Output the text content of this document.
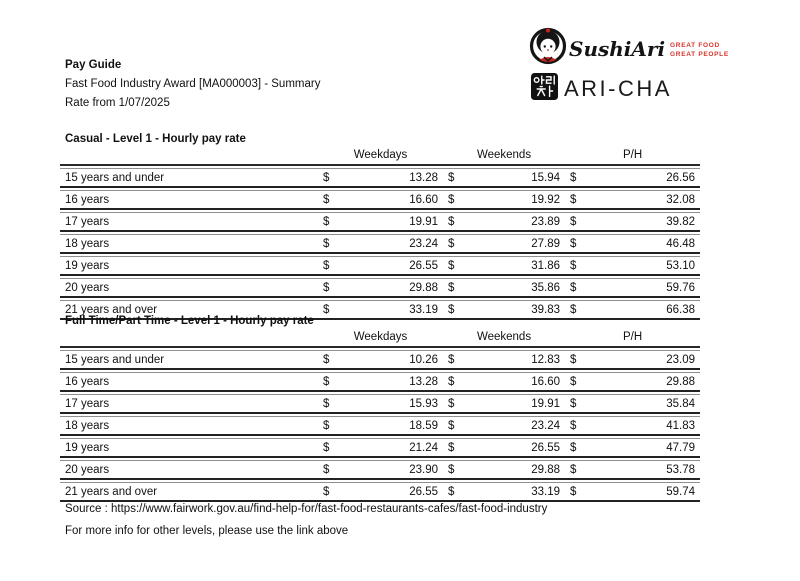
Pay Guide
Fast Food Industry Award [MA000003] - Summary
Rate from 1/07/2025
SushiAri GREAT FOOD
GREAT PEOPLE
ARI-CHA
Casual - Level 1 - Hourly pay rate
	Weekdays		Weekends		P/H	
15 years and under	$	13.28	$	15.94	$	26.56
16 years	$	16.60	$	19.92	$	32.08
17 years	$	19.91	$	23.89	$	39.82
18 years	$	23.24	$	27.89	$	46.48
19 years	$	26.55	$	31.86	$	53.10
20 years	$	29.88	$	35.86	$	59.76
21 years and over	$	33.19	$	39.83	$	66.38
Full Time/Part Time - Level 1 - Hourly pay rate
	Weekdays		Weekends		P/H	
15 years and under	$	10.26	$	12.83	$	23.09
16 years	$	13.28	$	16.60	$	29.88
17 years	$	15.93	$	19.91	$	35.84
18 years	$	18.59	$	23.24	$	41.83
19 years	$	21.24	$	26.55	$	47.79
20 years	$	23.90	$	29.88	$	53.78
21 years and over	$	26.55	$	33.19	$	59.74
Source : https://www.fairwork.gov.au/find-help-for/fast-food-restaurants-cafes/fast-food-industry
For more info for other levels, please use the link above
